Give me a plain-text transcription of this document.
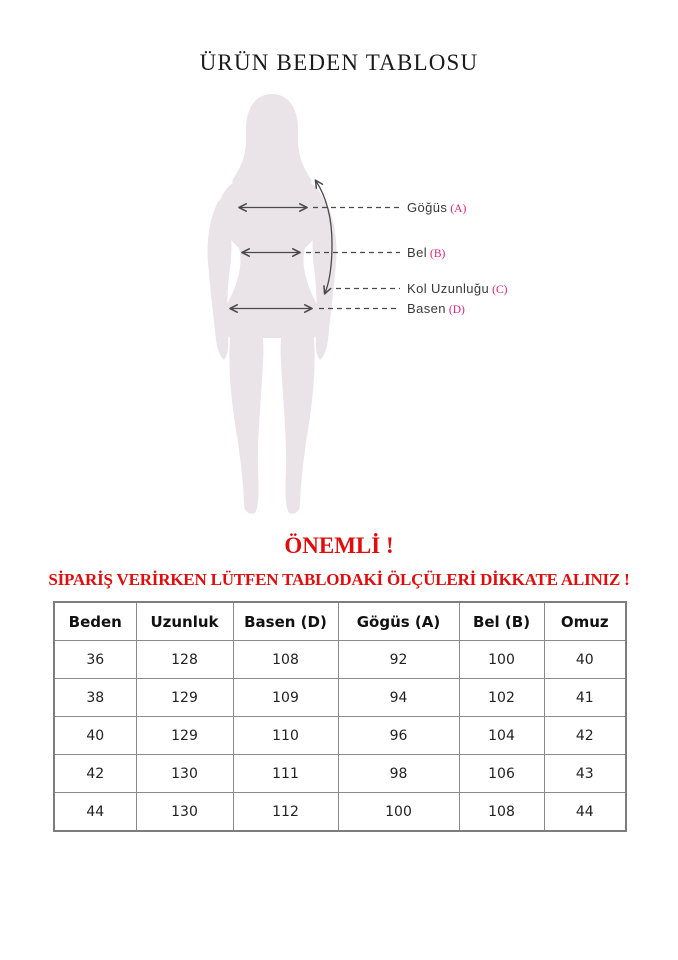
ÜRÜN BEDEN TABLOSU
Göğüs (A)
Bel (B)
Kol Uzunluğu (C)
Basen (D)
ÖNEMLİ !
SİPARİŞ VERİRKEN LÜTFEN TABLODAKİ ÖLÇÜLERİ DİKKATE ALINIZ !
Beden	Uzunluk	Basen (D)	Gögüs (A)	Bel (B)	Omuz
36	128	108	92	100	40
38	129	109	94	102	41
40	129	110	96	104	42
42	130	111	98	106	43
44	130	112	100	108	44
